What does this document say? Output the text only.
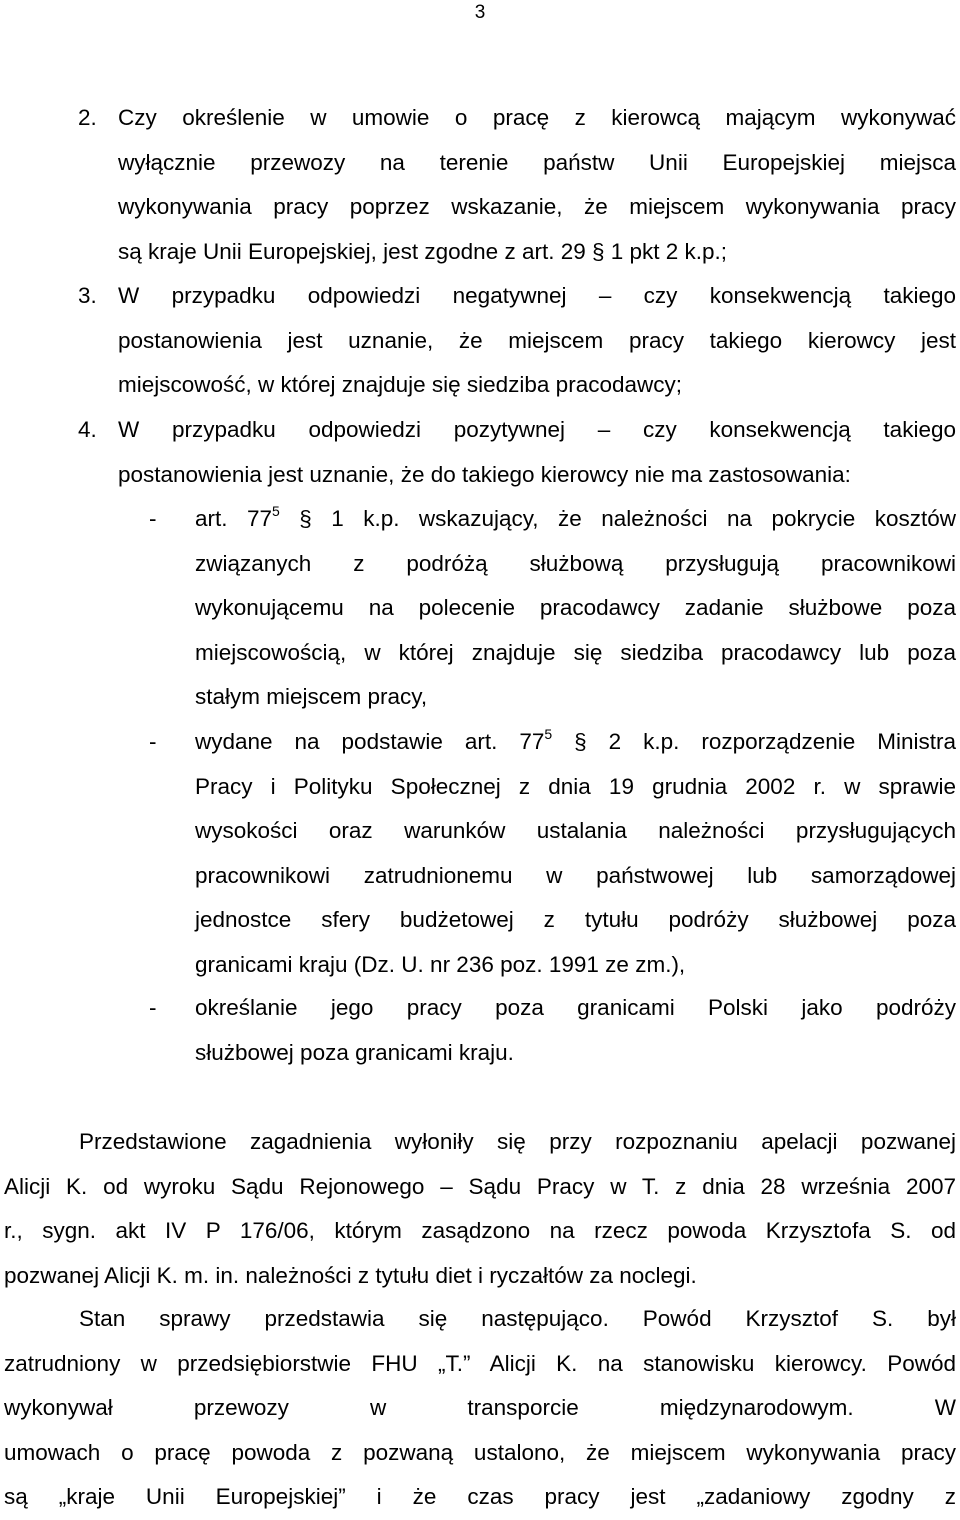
3
2. Czy określenie w umowie o pracę z kierowcą mającym wykonywać
wyłącznie przewozy na terenie państw Unii Europejskiej miejsca
wykonywania pracy poprzez wskazanie, że miejscem wykonywania pracy
są kraje Unii Europejskiej, jest zgodne z art. 29 § 1 pkt 2 k.p.;
3. W przypadku odpowiedzi negatywnej – czy konsekwencją takiego
postanowienia jest uznanie, że miejscem pracy takiego kierowcy jest
miejscowość, w której znajduje się siedziba pracodawcy;
4. W przypadku odpowiedzi pozytywnej – czy konsekwencją takiego
postanowienia jest uznanie, że do takiego kierowcy nie ma zastosowania:
- art. $77^5$ § 1 k.p. wskazujący, że należności na pokrycie kosztów
związanych z podróżą służbową przysługują pracownikowi
wykonującemu na polecenie pracodawcy zadanie służbowe poza
miejscowością, w której znajduje się siedziba pracodawcy lub poza
stałym miejscem pracy,
- wydane na podstawie art. $77^5$ § 2 k.p. rozporządzenie Ministra
Pracy i Polityku Społecznej z dnia 19 grudnia 2002 r. w sprawie
wysokości oraz warunków ustalania należności przysługujących
pracownikowi zatrudnionemu w państwowej lub samorządowej
jednostce sfery budżetowej z tytułu podróży służbowej poza
granicami kraju (Dz. U. nr 236 poz. 1991 ze zm.),
- określanie jego pracy poza granicami Polski jako podróży
służbowej poza granicami kraju.
Przedstawione zagadnienia wyłoniły się przy rozpoznaniu apelacji pozwanej
Alicji K. od wyroku Sądu Rejonowego – Sądu Pracy w T. z dnia 28 września 2007
r., sygn. akt IV P 176/06, którym zasądzono na rzecz powoda Krzysztofa S. od
pozwanej Alicji K. m. in. należności z tytułu diet i ryczałtów za noclegi.
Stan sprawy przedstawia się następująco. Powód Krzysztof S. był
zatrudniony w przedsiębiorstwie FHU „T.” Alicji K. na stanowisku kierowcy. Powód
wykonywał przewozy w transporcie międzynarodowym. W
umowach o pracę powoda z pozwaną ustalono, że miejscem wykonywania pracy
są „kraje Unii Europejskiej” i że czas pracy jest „zadaniowy zgodny z
